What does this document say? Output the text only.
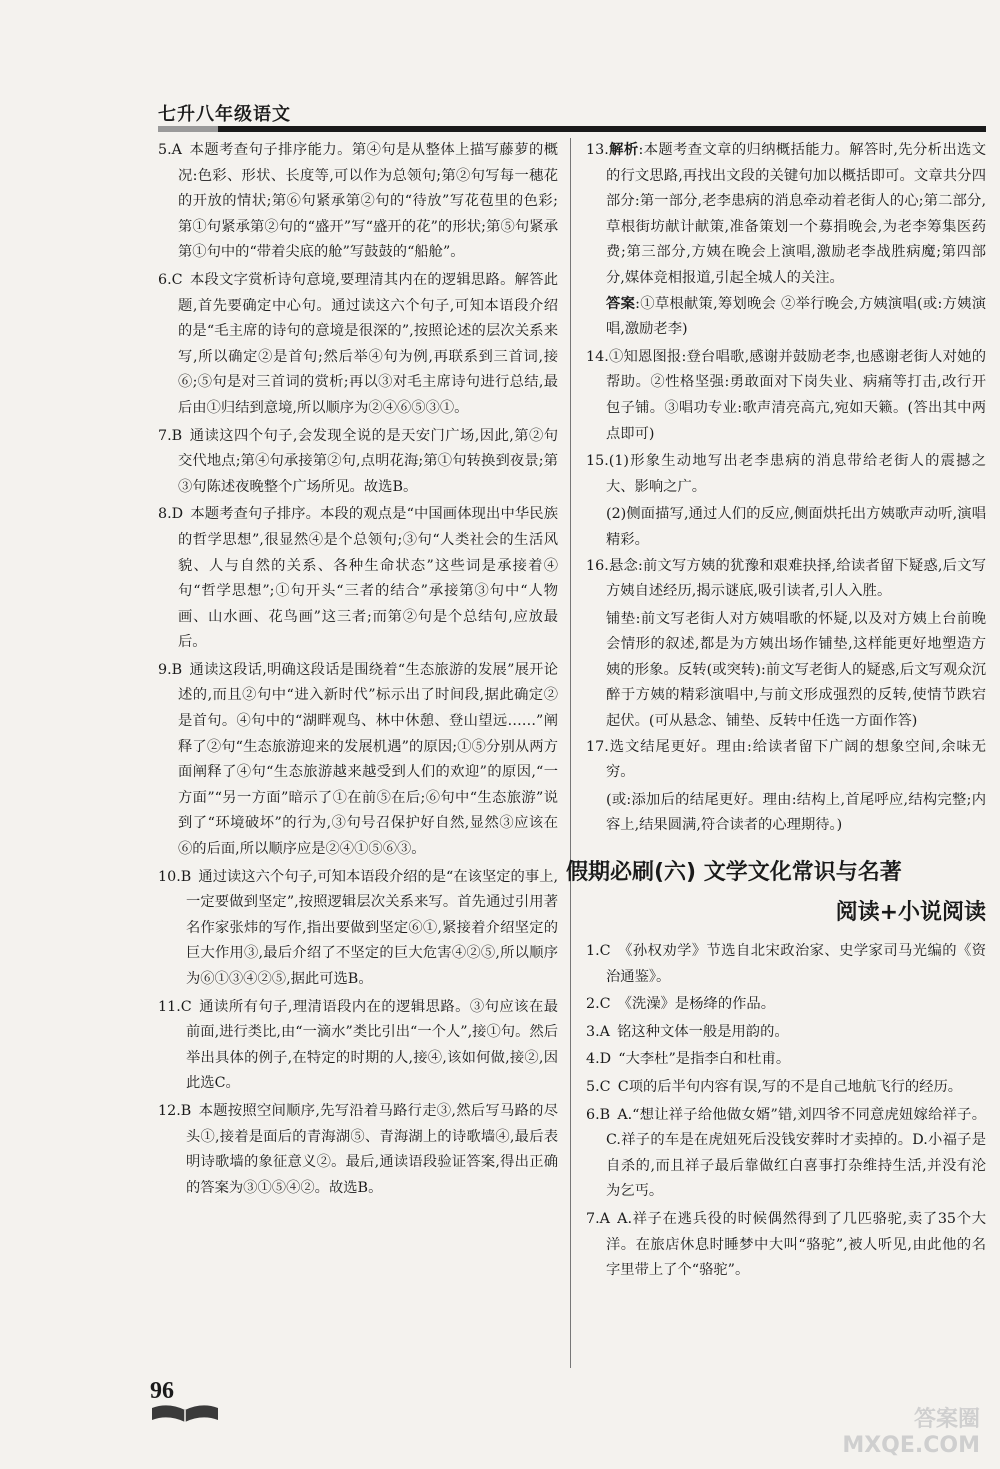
七升八年级语文
5.A  本题考查句子排序能力。第④句是从整体上描写藤萝的概况:色彩、形状、长度等,可以作为总领句;第②句写每一穗花的开放的情状;第⑥句紧承第②句的“待放”写花苞里的色彩;第①句紧承第②句的“盛开”写“盛开的花”的形状;第⑤句紧承第①句中的“带着尖底的舱”写鼓鼓的“船舱”。
6.C  本段文字赏析诗句意境,要理清其内在的逻辑思路。解答此题,首先要确定中心句。通过读这六个句子,可知本语段介绍的是“毛主席的诗句的意境是很深的”,按照论述的层次关系来写,所以确定②是首句;然后举④句为例,再联系到三首词,接⑥;⑤句是对三首词的赏析;再以③对毛主席诗句进行总结,最后由①归结到意境,所以顺序为②④⑥⑤③①。
7.B  通读这四个句子,会发现全说的是天安门广场,因此,第②句交代地点;第④句承接第②句,点明花海;第①句转换到夜景;第③句陈述夜晚整个广场所见。故选B。
8.D  本题考查句子排序。本段的观点是“中国画体现出中华民族的哲学思想”,很显然④是个总领句;③句“人类社会的生活风貌、人与自然的关系、各种生命状态”这些词是承接着④句“哲学思想”;①句开头“三者的结合”承接第③句中“人物画、山水画、花鸟画”这三者;而第②句是个总结句,应放最后。
9.B  通读这段话,明确这段话是围绕着“生态旅游的发展”展开论述的,而且②句中“进入新时代”标示出了时间段,据此确定②是首句。④句中的“湖畔观鸟、林中休憩、登山望远……”阐释了②句“生态旅游迎来的发展机遇”的原因;①⑤分别从两方面阐释了④句“生态旅游越来越受到人们的欢迎”的原因,“一方面”“另一方面”暗示了①在前⑤在后;⑥句中“生态旅游”说到了“环境破坏”的行为,③句号召保护好自然,显然③应该在⑥的后面,所以顺序应是②④①⑤⑥③。
10.B  通过读这六个句子,可知本语段介绍的是“在该坚定的事上,一定要做到坚定”,按照逻辑层次关系来写。首先通过引用著名作家张炜的写作,指出要做到坚定⑥①,紧接着介绍坚定的巨大作用③,最后介绍了不坚定的巨大危害④②⑤,所以顺序为⑥①③④②⑤,据此可选B。
11.C  通读所有句子,理清语段内在的逻辑思路。③句应该在最前面,进行类比,由“一滴水”类比引出“一个人”,接①句。然后举出具体的例子,在特定的时期的人,接④,该如何做,接②,因此选C。
12.B  本题按照空间顺序,先写沿着马路行走③,然后写马路的尽头①,接着是面后的青海湖⑤、青海湖上的诗歌墙④,最后表明诗歌墙的象征意义②。最后,通读语段验证答案,得出正确的答案为③①⑤④②。故选B。
13.解析:本题考查文章的归纳概括能力。解答时,先分析出选文的行文思路,再找出文段的关键句加以概括即可。文章共分四部分:第一部分,老李患病的消息牵动着老街人的心;第二部分,草根街坊献计献策,准备策划一个募捐晚会,为老李筹集医药费;第三部分,方姨在晚会上演唱,激励老李战胜病魔;第四部分,媒体竞相报道,引起全城人的关注。
答案:①草根献策,筹划晚会 ②举行晚会,方姨演唱(或:方姨演唱,激励老李)
14.①知恩图报:登台唱歌,感谢并鼓励老李,也感谢老街人对她的帮助。②性格坚强:勇敢面对下岗失业、病痛等打击,改行开包子铺。③唱功专业:歌声清亮高亢,宛如天籁。(答出其中两点即可)
15.(1)形象生动地写出老李患病的消息带给老街人的震撼之大、影响之广。
(2)侧面描写,通过人们的反应,侧面烘托出方姨歌声动听,演唱精彩。
16.悬念:前文写方姨的犹豫和艰难抉择,给读者留下疑惑,后文写方姨自述经历,揭示谜底,吸引读者,引人入胜。
铺垫:前文写老街人对方姨唱歌的怀疑,以及对方姨上台前晚会情形的叙述,都是为方姨出场作铺垫,这样能更好地塑造方姨的形象。反转(或突转):前文写老街人的疑惑,后文写观众沉醉于方姨的精彩演唱中,与前文形成强烈的反转,使情节跌宕起伏。(可从悬念、铺垫、反转中任选一方面作答)
17.选文结尾更好。理由:给读者留下广阔的想象空间,余味无穷。
(或:添加后的结尾更好。理由:结构上,首尾呼应,结构完整;内容上,结果圆满,符合读者的心理期待。)
假期必刷(六) 文学文化常识与名著
阅读+小说阅读
1.C  《孙权劝学》节选自北宋政治家、史学家司马光编的《资治通鉴》。
2.C  《洗澡》是杨绛的作品。
3.A  铭这种文体一般是用韵的。
4.D  “大李杜”是指李白和杜甫。
5.C  C项的后半句内容有误,写的不是自己地航飞行的经历。
6.B  A.“想让祥子给他做女婿”错,刘四爷不同意虎妞嫁给祥子。C.祥子的车是在虎妞死后没钱安葬时才卖掉的。D.小福子是自杀的,而且祥子最后靠做红白喜事打杂维持生活,并没有沦为乞丐。
7.A  A.祥子在逃兵役的时候偶然得到了几匹骆驼,卖了35个大洋。在旅店休息时睡梦中大叫“骆驼”,被人听见,由此他的名字里带上了个“骆驼”。
96
答案圈
MXQE.COM
